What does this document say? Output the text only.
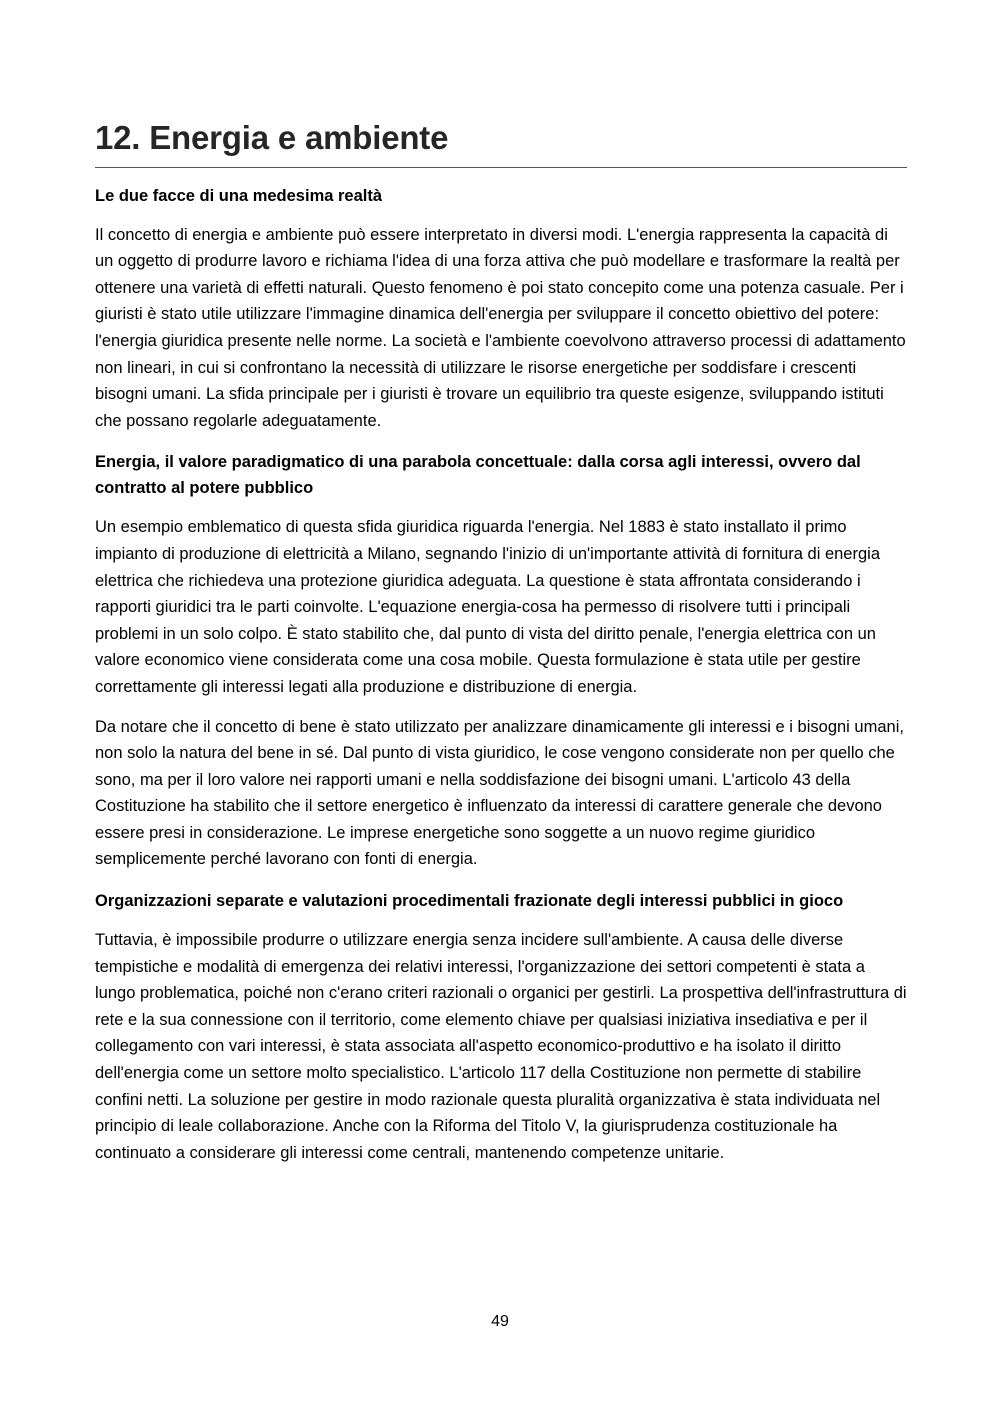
12. Energia e ambiente
Le due facce di una medesima realtà

Il concetto di energia e ambiente può essere interpretato in diversi modi. L'energia rappresenta la capacità di un oggetto di produrre lavoro e richiama l'idea di una forza attiva che può modellare e trasformare la realtà per ottenere una varietà di effetti naturali. Questo fenomeno è poi stato concepito come una potenza casuale. Per i giuristi è stato utile utilizzare l'immagine dinamica dell'energia per sviluppare il concetto obiettivo del potere: l'energia giuridica presente nelle norme. La società e l'ambiente coevolvono attraverso processi di adattamento non lineari, in cui si confrontano la necessità di utilizzare le risorse energetiche per soddisfare i crescenti bisogni umani. La sfida principale per i giuristi è trovare un equilibrio tra queste esigenze, sviluppando istituti che possano regolarle adeguatamente.

Energia, il valore paradigmatico di una parabola concettuale: dalla corsa agli interessi, ovvero dal contratto al potere pubblico

Un esempio emblematico di questa sfida giuridica riguarda l'energia. Nel 1883 è stato installato il primo impianto di produzione di elettricità a Milano, segnando l'inizio di un'importante attività di fornitura di energia elettrica che richiedeva una protezione giuridica adeguata. La questione è stata affrontata considerando i rapporti giuridici tra le parti coinvolte. L'equazione energia-cosa ha permesso di risolvere tutti i principali problemi in un solo colpo. È stato stabilito che, dal punto di vista del diritto penale, l'energia elettrica con un valore economico viene considerata come una cosa mobile. Questa formulazione è stata utile per gestire correttamente gli interessi legati alla produzione e distribuzione di energia.

Da notare che il concetto di bene è stato utilizzato per analizzare dinamicamente gli interessi e i bisogni umani, non solo la natura del bene in sé. Dal punto di vista giuridico, le cose vengono considerate non per quello che sono, ma per il loro valore nei rapporti umani e nella soddisfazione dei bisogni umani. L'articolo 43 della Costituzione ha stabilito che il settore energetico è influenzato da interessi di carattere generale che devono essere presi in considerazione. Le imprese energetiche sono soggette a un nuovo regime giuridico semplicemente perché lavorano con fonti di energia.

Organizzazioni separate e valutazioni procedimentali frazionate degli interessi pubblici in gioco

Tuttavia, è impossibile produrre o utilizzare energia senza incidere sull'ambiente. A causa delle diverse tempistiche e modalità di emergenza dei relativi interessi, l'organizzazione dei settori competenti è stata a lungo problematica, poiché non c'erano criteri razionali o organici per gestirli. La prospettiva dell'infrastruttura di rete e la sua connessione con il territorio, come elemento chiave per qualsiasi iniziativa insediativa e per il collegamento con vari interessi, è stata associata all'aspetto economico-produttivo e ha isolato il diritto dell'energia come un settore molto specialistico. L'articolo 117 della Costituzione non permette di stabilire confini netti. La soluzione per gestire in modo razionale questa pluralità organizzativa è stata individuata nel principio di leale collaborazione. Anche con la Riforma del Titolo V, la giurisprudenza costituzionale ha continuato a considerare gli interessi come centrali, mantenendo competenze unitarie.

49
